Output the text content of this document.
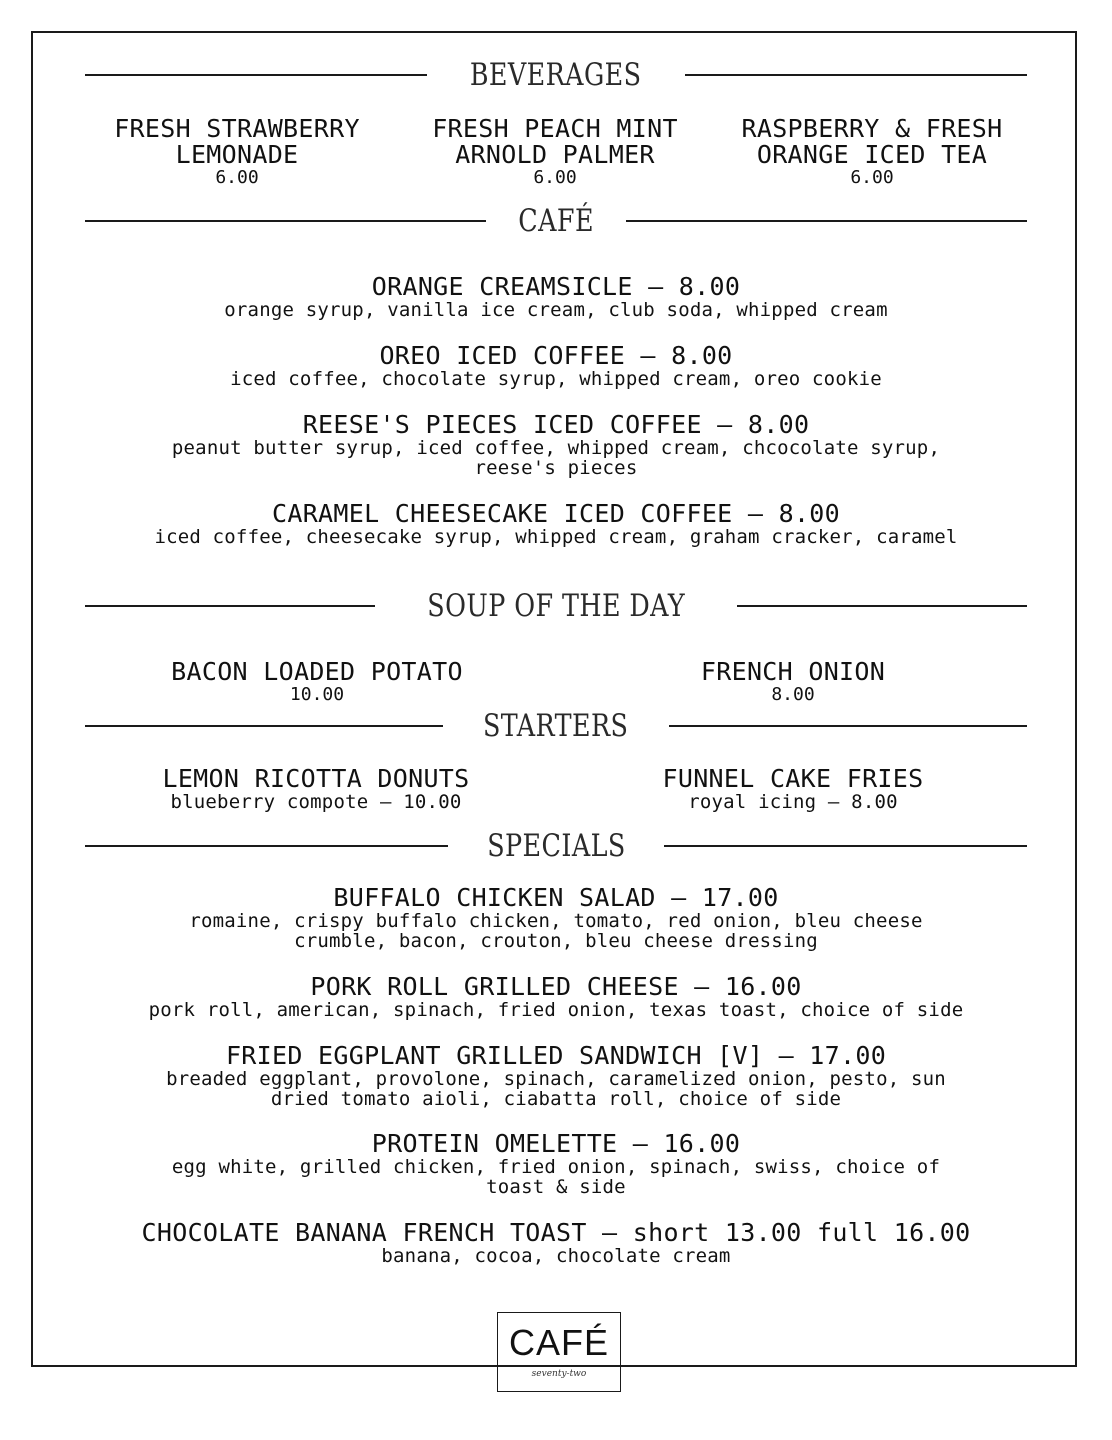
BEVERAGES
FRESH STRAWBERRY
LEMONADE
6.00
FRESH PEACH MINT
ARNOLD PALMER
6.00
RASPBERRY & FRESH
ORANGE ICED TEA
6.00
CAFÉ
ORANGE CREAMSICLE – 8.00
orange syrup, vanilla ice cream, club soda, whipped cream
OREO ICED COFFEE – 8.00
iced coffee, chocolate syrup, whipped cream, oreo cookie
REESE'S PIECES ICED COFFEE – 8.00
peanut butter syrup, iced coffee, whipped cream, chcocolate syrup,
reese's pieces
CARAMEL CHEESECAKE ICED COFFEE – 8.00
iced coffee, cheesecake syrup, whipped cream, graham cracker, caramel
SOUP OF THE DAY
BACON LOADED POTATO
10.00
FRENCH ONION
8.00
STARTERS
LEMON RICOTTA DONUTS
blueberry compote – 10.00
FUNNEL CAKE FRIES
royal icing – 8.00
SPECIALS
BUFFALO CHICKEN SALAD – 17.00
romaine, crispy buffalo chicken, tomato, red onion, bleu cheese
crumble, bacon, crouton, bleu cheese dressing
PORK ROLL GRILLED CHEESE – 16.00
pork roll, american, spinach, fried onion, texas toast, choice of side
FRIED EGGPLANT GRILLED SANDWICH [V] – 17.00
breaded eggplant, provolone, spinach, caramelized onion, pesto, sun
dried tomato aioli, ciabatta roll, choice of side
PROTEIN OMELETTE – 16.00
egg white, grilled chicken, fried onion, spinach, swiss, choice of
toast & side
CHOCOLATE BANANA FRENCH TOAST – short 13.00 full 16.00
banana, cocoa, chocolate cream
CAFÉ
seventy-two
